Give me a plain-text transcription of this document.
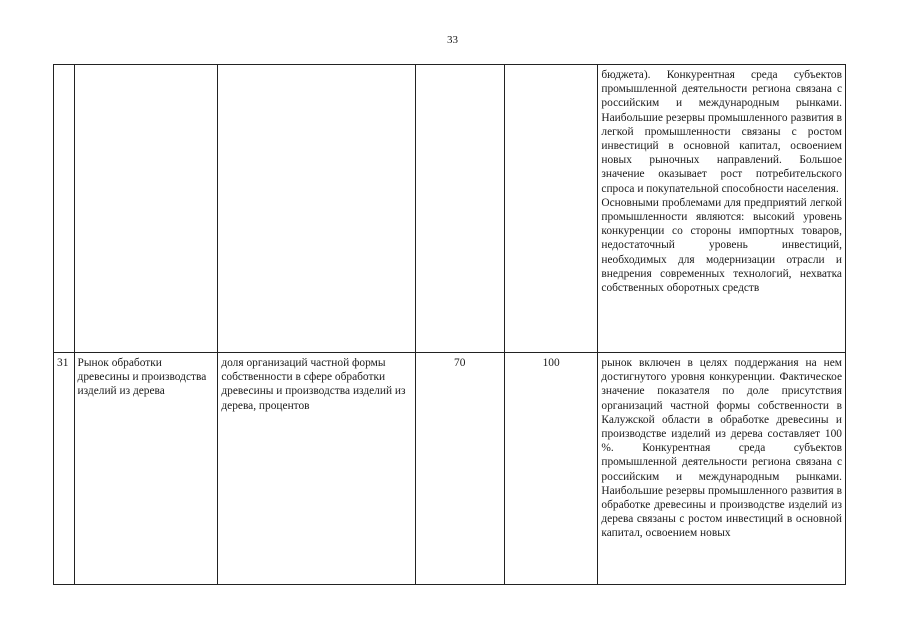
33

					бюджета). Конкурентная среда субъектов промышленной деятельности региона связана с российским и международным рынками. Наибольшие резервы промышленного развития в легкой промышленности связаны с ростом инвестиций в основной капитал, освоением новых рыночных направлений. Большое значение оказывает рост потребительского спроса и покупательной способности населения.
Основными проблемами для предприятий легкой промышленности являются: высокий уровень конкуренции со стороны импортных товаров, недостаточный уровень инвестиций, необходимых для модернизации отрасли и внедрения современных технологий, нехватка собственных оборотных средств

31	Рынок обработки древесины и производства изделий из дерева	доля организаций частной формы собственности в сфере обработки древесины и производства изделий из дерева, процентов	70	100	рынок включен в целях поддержания на нем достигнутого уровня конкуренции. Фактическое значение показателя по доле присутствия организаций частной формы собственности в Калужской области в обработке древесины и производстве изделий из дерева составляет 100 %. Конкурентная среда субъектов промышленной деятельности региона связана с российским и международным рынками. Наибольшие резервы промышленного развития в обработке древесины и производстве изделий из дерева связаны с ростом инвестиций в основной капитал, освоением новых
